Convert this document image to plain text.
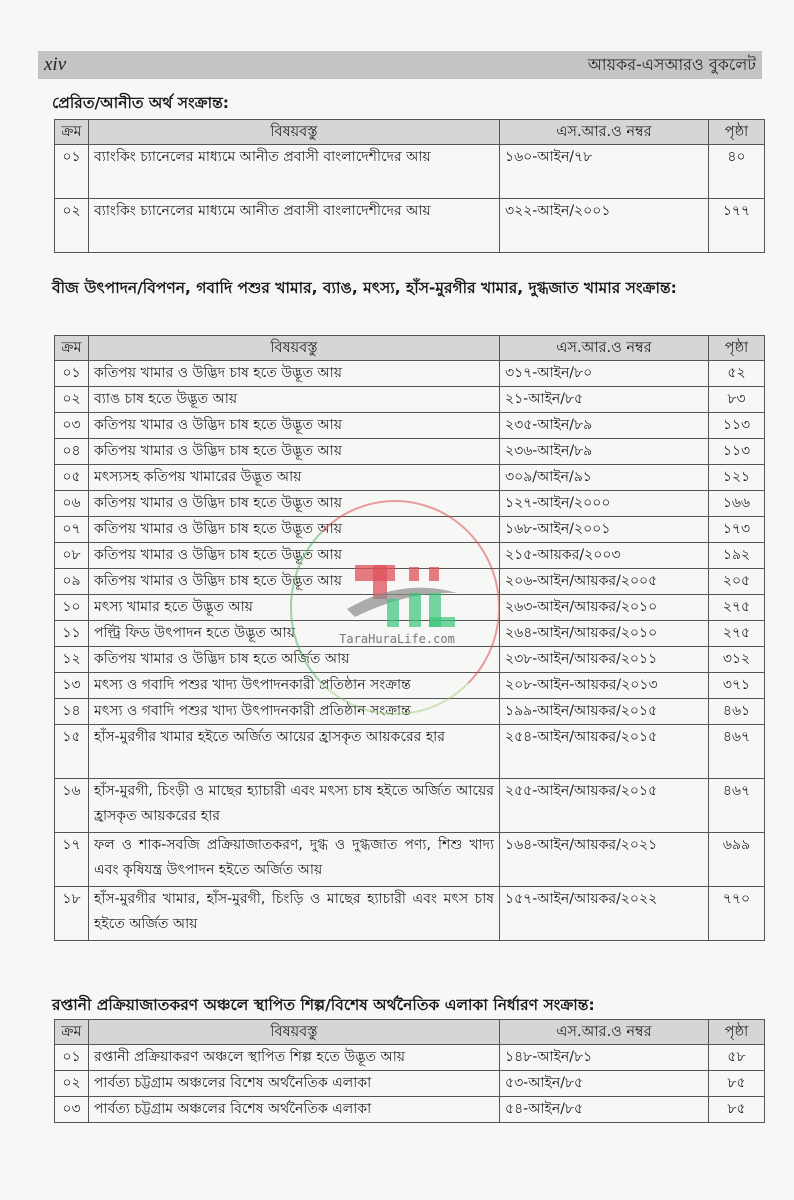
xiv	আয়কর-এসআরও বুকলেট
প্রেরিত/আনীত অর্থ সংক্রান্ত:
ক্রম	বিষয়বস্তু	এস.আর.ও নম্বর	পৃষ্ঠা
০১	ব্যাংকিং চ্যানেলের মাধ্যমে আনীত প্রবাসী বাংলাদেশীদের আয়	১৬০-আইন/৭৮	৪০
০২	ব্যাংকিং চ্যানেলের মাধ্যমে আনীত প্রবাসী বাংলাদেশীদের আয়	৩২২-আইন/২০০১	১৭৭
বীজ উৎপাদন/বিপণন, গবাদি পশুর খামার, ব্যাঙ, মৎস্য, হাঁস-মুরগীর খামার, দুগ্ধজাত খামার সংক্রান্ত:
ক্রম	বিষয়বস্তু	এস.আর.ও নম্বর	পৃষ্ঠা
০১	কতিপয় খামার ও উদ্ভিদ চাষ হতে উদ্ভূত আয়	৩১৭-আইন/৮০	৫২
০২	ব্যাঙ চাষ হতে উদ্ভূত আয়	২১-আইন/৮৫	৮৩
০৩	কতিপয় খামার ও উদ্ভিদ চাষ হতে উদ্ভূত আয়	২৩৫-আইন/৮৯	১১৩
০৪	কতিপয় খামার ও উদ্ভিদ চাষ হতে উদ্ভূত আয়	২৩৬-আইন/৮৯	১১৩
০৫	মৎস্যসহ কতিপয় খামারের উদ্ভূত আয়	৩০৯/আইন/৯১	১২১
০৬	কতিপয় খামার ও উদ্ভিদ চাষ হতে উদ্ভূত আয়	১২৭-আইন/২০০০	১৬৬
০৭	কতিপয় খামার ও উদ্ভিদ চাষ হতে উদ্ভূত আয়	১৬৮-আইন/২০০১	১৭৩
০৮	কতিপয় খামার ও উদ্ভিদ চাষ হতে উদ্ভূত আয়	২১৫-আয়কর/২০০৩	১৯২
০৯	কতিপয় খামার ও উদ্ভিদ চাষ হতে উদ্ভূত আয়	২০৬-আইন/আয়কর/২০০৫	২০৫
১০	মৎস্য খামার হতে উদ্ভূত আয়	২৬৩-আইন/আয়কর/২০১০	২৭৫
১১	পল্ট্রি ফিড উৎপাদন হতে উদ্ভূত আয়	২৬৪-আইন/আয়কর/২০১০	২৭৫
১২	কতিপয় খামার ও উদ্ভিদ চাষ হতে অর্জিত আয়	২৩৮-আইন/আয়কর/২০১১	৩১২
১৩	মৎস্য ও গবাদি পশুর খাদ্য উৎপাদনকারী প্রতিষ্ঠান সংক্রান্ত	২০৮-আইন-আয়কর/২০১৩	৩৭১
১৪	মৎস্য ও গবাদি পশুর খাদ্য উৎপাদনকারী প্রতিষ্ঠান সংক্রান্ত	১৯৯-আইন/আয়কর/২০১৫	৪৬১
১৫	হাঁস-মুরগীর খামার হইতে অর্জিত আয়ের হ্রাসকৃত আয়করের হার	২৫৪-আইন/আয়কর/২০১৫	৪৬৭
১৬	হাঁস-মুরগী, চিংড়ী ও মাছের হ্যাচারী এবং মৎস্য চাষ হইতে অর্জিত আয়ের হ্রাসকৃত আয়করের হার	২৫৫-আইন/আয়কর/২০১৫	৪৬৭
১৭	ফল ও শাক-সবজি প্রক্রিয়াজাতকরণ, দুগ্ধ ও দুগ্ধজাত পণ্য, শিশু খাদ্য এবং কৃষিযন্ত্র উৎপাদন হইতে অর্জিত আয়	১৬৪-আইন/আয়কর/২০২১	৬৯৯
১৮	হাঁস-মুরগীর খামার, হাঁস-মুরগী, চিংড়ি ও মাছের হ্যাচারী এবং মৎস চাষ হইতে অর্জিত আয়	১৫৭-আইন/আয়কর/২০২২	৭৭০
রপ্তানী প্রক্রিয়াজাতকরণ অঞ্চলে স্থাপিত শিল্প/বিশেষ অর্থনৈতিক এলাকা নির্ধারণ সংক্রান্ত:
ক্রম	বিষয়বস্তু	এস.আর.ও নম্বর	পৃষ্ঠা
০১	রপ্তানী প্রক্রিয়াকরণ অঞ্চলে স্থাপিত শিল্প হতে উদ্ভূত আয়	১৪৮-আইন/৮১	৫৮
০২	পার্বত্য চট্টগ্রাম অঞ্চলের বিশেষ অর্থনৈতিক এলাকা	৫৩-আইন/৮৫	৮৫
০৩	পার্বত্য চট্টগ্রাম অঞ্চলের বিশেষ অর্থনৈতিক এলাকা	৫৪-আইন/৮৫	৮৫
TaraHuraLife.com
